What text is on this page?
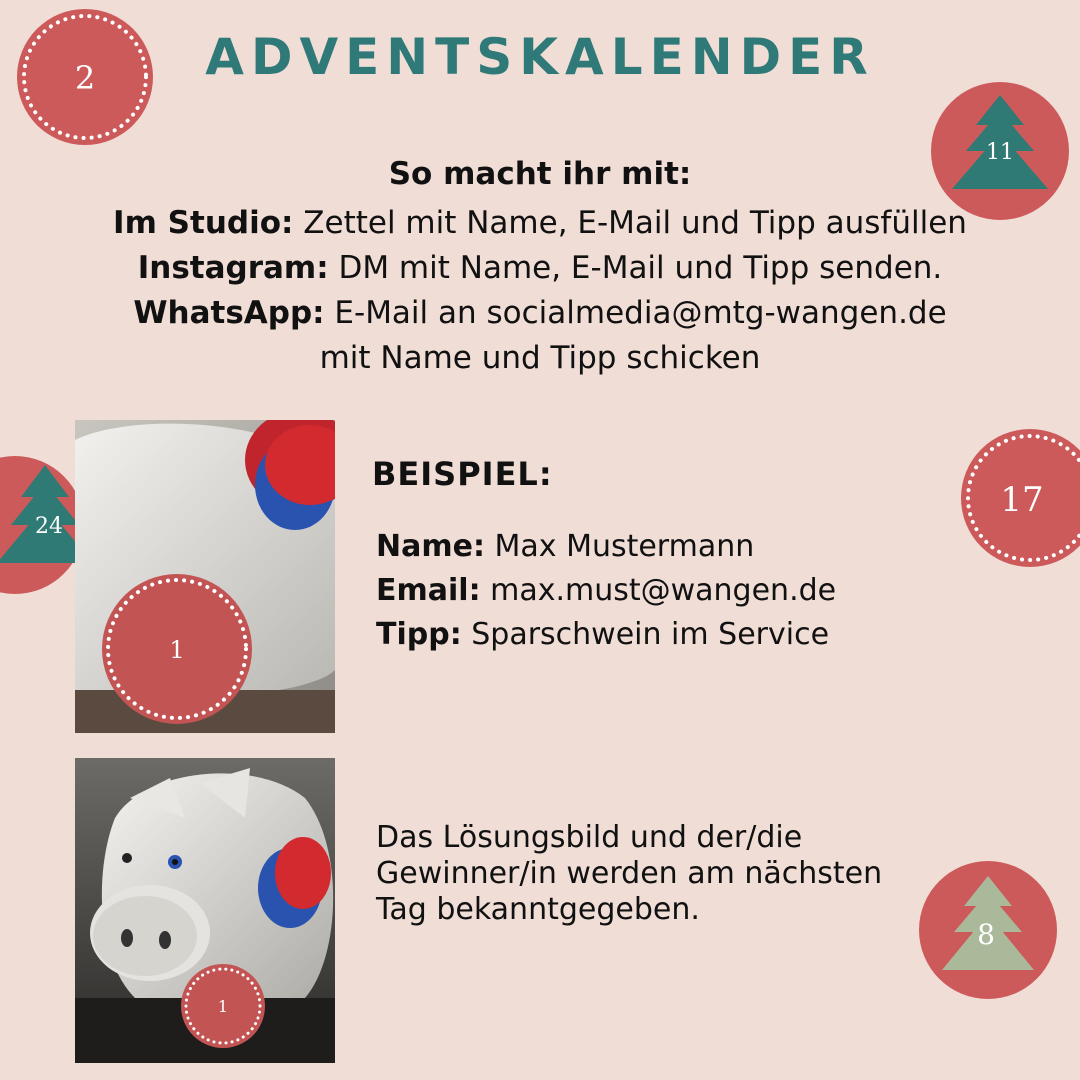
ADVENTSKALENDER
So macht ihr mit:
Im Studio: Zettel mit Name, E-Mail und Tipp ausfüllen
Instagram: DM mit Name, E-Mail und Tipp senden.
WhatsApp: E-Mail an socialmedia@mtg-wangen.de
mit Name und Tipp schicken
2
11
24
17
8
1
1
BEISPIEL:
Name: Max Mustermann
Email: max.must@wangen.de
Tipp: Sparschwein im Service
Das Lösungsbild und der/die Gewinner/in werden am nächsten Tag bekanntgegeben.
